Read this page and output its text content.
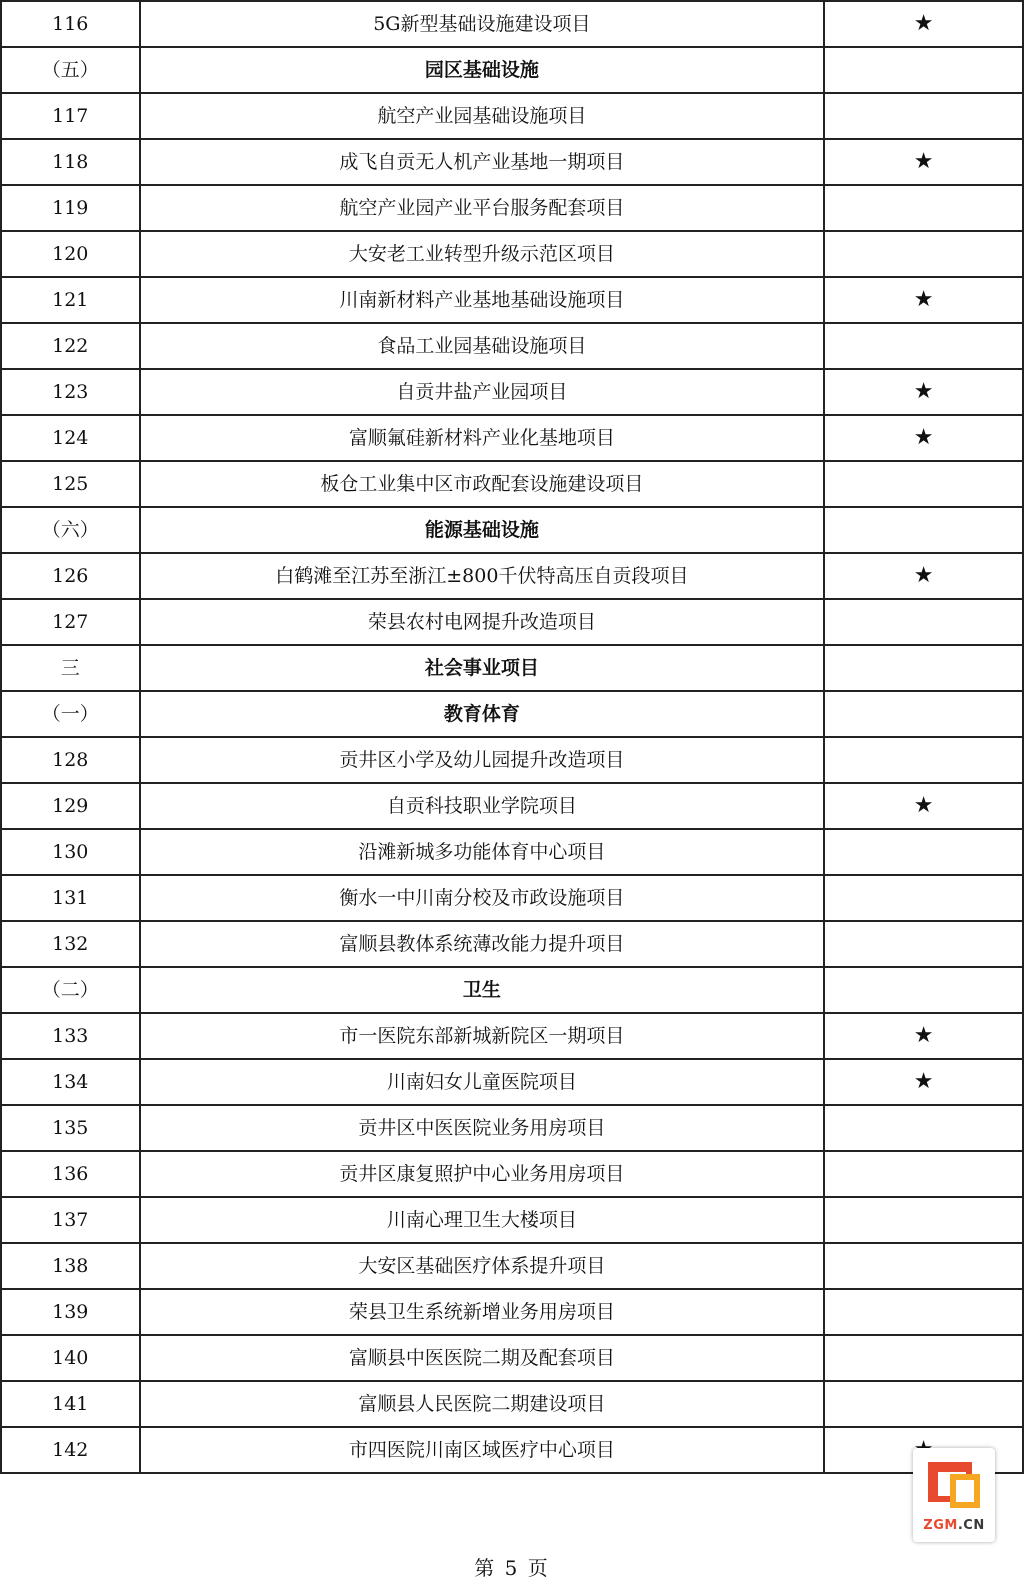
116	5G新型基础设施建设项目	★
（五）	园区基础设施	
117	航空产业园基础设施项目	
118	成飞自贡无人机产业基地一期项目	★
119	航空产业园产业平台服务配套项目	
120	大安老工业转型升级示范区项目	
121	川南新材料产业基地基础设施项目	★
122	食品工业园基础设施项目	
123	自贡井盐产业园项目	★
124	富顺氟硅新材料产业化基地项目	★
125	板仓工业集中区市政配套设施建设项目	
（六）	能源基础设施	
126	白鹤滩至江苏至浙江±800千伏特高压自贡段项目	★
127	荣县农村电网提升改造项目	
三	社会事业项目	
（一）	教育体育	
128	贡井区小学及幼儿园提升改造项目	
129	自贡科技职业学院项目	★
130	沿滩新城多功能体育中心项目	
131	衡水一中川南分校及市政设施项目	
132	富顺县教体系统薄改能力提升项目	
（二）	卫生	
133	市一医院东部新城新院区一期项目	★
134	川南妇女儿童医院项目	★
135	贡井区中医医院业务用房项目	
136	贡井区康复照护中心业务用房项目	
137	川南心理卫生大楼项目	
138	大安区基础医疗体系提升项目	
139	荣县卫生系统新增业务用房项目	
140	富顺县中医医院二期及配套项目	
141	富顺县人民医院二期建设项目	
142	市四医院川南区域医疗中心项目	
第 5 页
ZGM.CN
